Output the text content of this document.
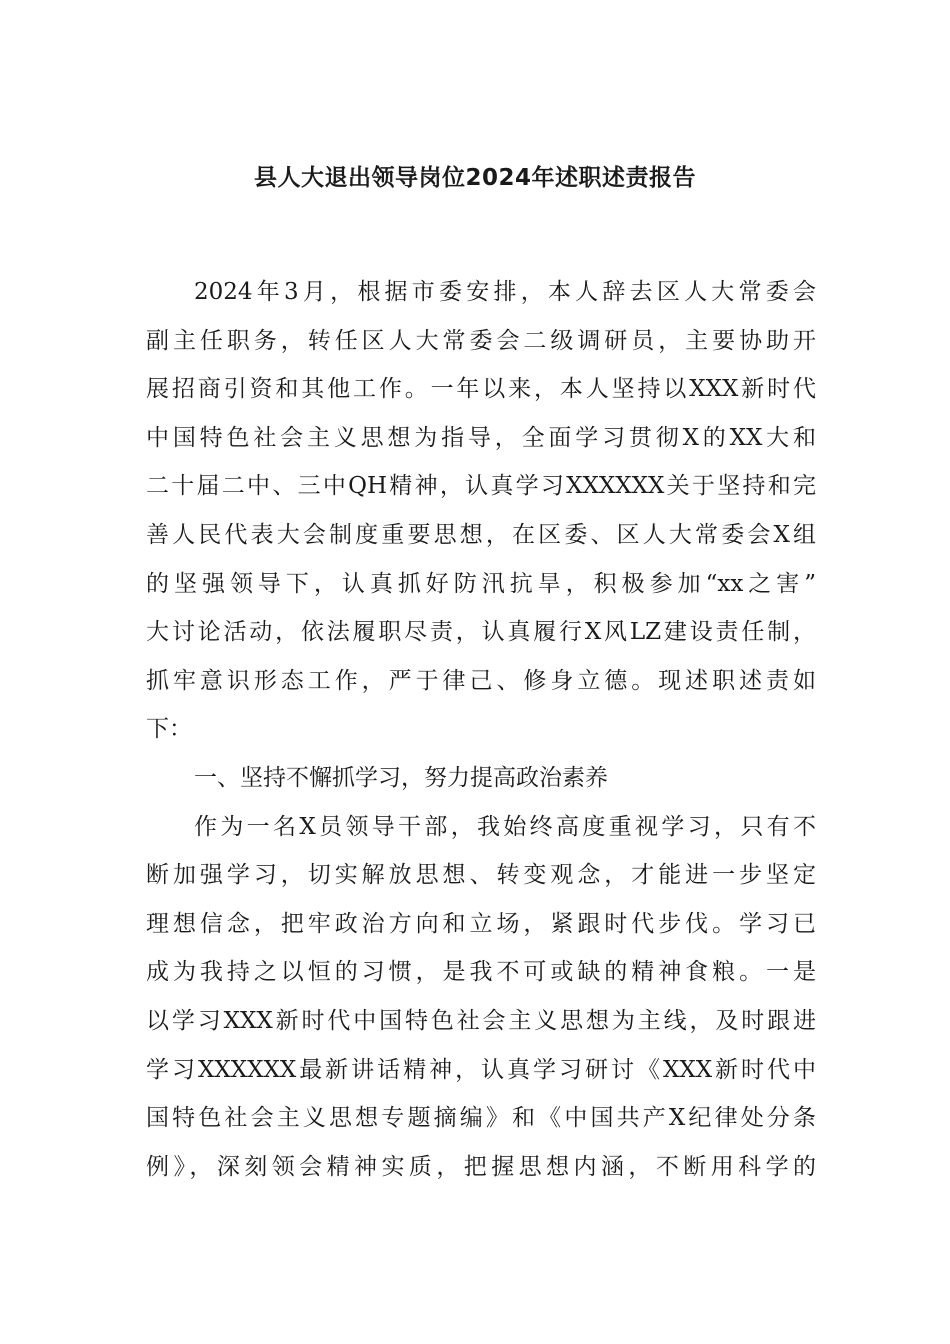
县人大退出领导岗位2024年述职述责报告
2024年3月，根据市委安排，本人辞去区人大常委会
副主任职务，转任区人大常委会二级调研员，主要协助开
展招商引资和其他工作。一年以来，本人坚持以XXX新时代
中国特色社会主义思想为指导，全面学习贯彻X的XX大和
二十届二中、三中QH精神，认真学习XXXXXX关于坚持和完
善人民代表大会制度重要思想，在区委、区人大常委会X组
的坚强领导下，认真抓好防汛抗旱，积极参加“xx之害”
大讨论活动，依法履职尽责，认真履行X风LZ建设责任制，
抓牢意识形态工作，严于律己、修身立德。现述职述责如
下：
一、坚持不懈抓学习，努力提高政治素养
作为一名X员领导干部，我始终高度重视学习，只有不
断加强学习，切实解放思想、转变观念，才能进一步坚定
理想信念，把牢政治方向和立场，紧跟时代步伐。学习已
成为我持之以恒的习惯，是我不可或缺的精神食粮。一是
以学习XXX新时代中国特色社会主义思想为主线，及时跟进
学习XXXXXX最新讲话精神，认真学习研讨《XXX新时代中
国特色社会主义思想专题摘编》和《中国共产X纪律处分条
例》，深刻领会精神实质，把握思想内涵，不断用科学的
